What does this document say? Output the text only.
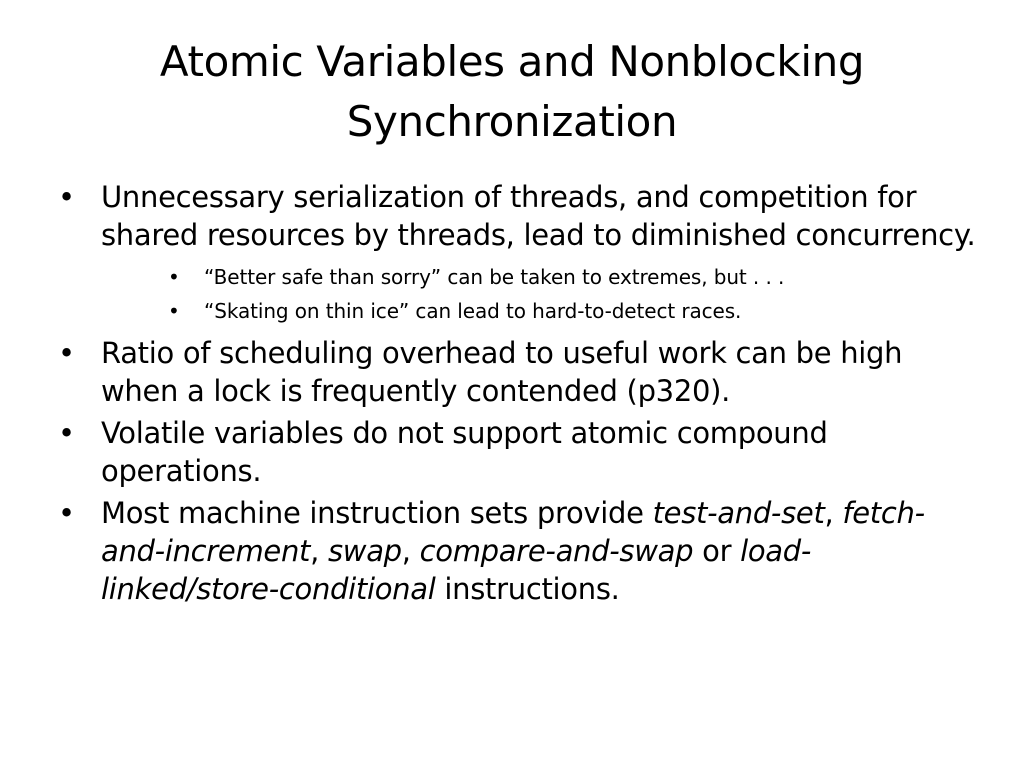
Atomic Variables and Nonblocking
Synchronization
• Unnecessary serialization of threads, and competition for shared resources by threads, lead to diminished concurrency.
•	“Better safe than sorry” can be taken to extremes, but . . .
•	“Skating on thin ice” can lead to hard-to-detect races.
• Ratio of scheduling overhead to useful work can be high when a lock is frequently contended (p320).
• Volatile variables do not support atomic compound operations.
• Most machine instruction sets provide test-and-set, fetch-and-increment, swap, compare-and-swap or load-linked/store-conditional instructions.
